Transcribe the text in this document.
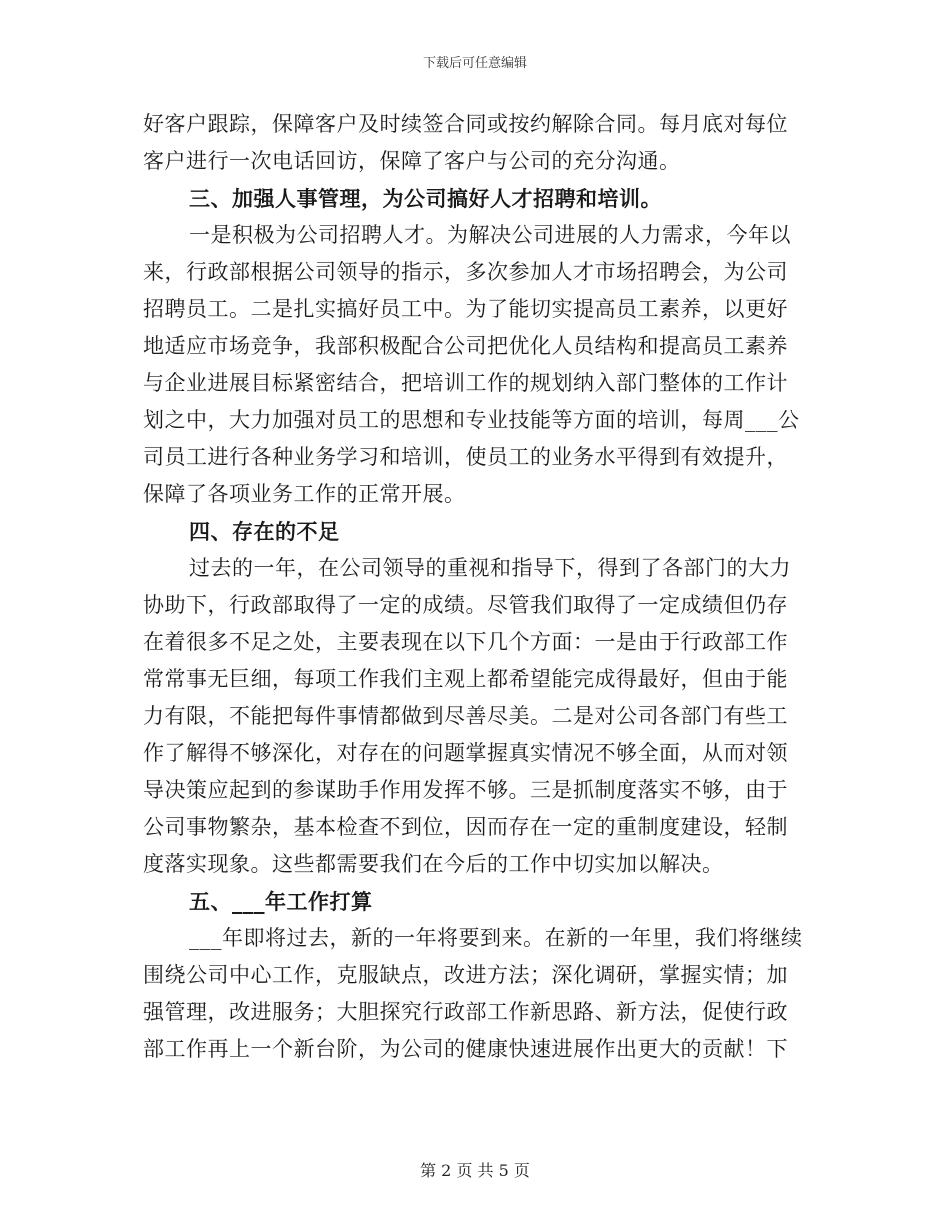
下载后可任意编辑
好客户跟踪，保障客户及时续签合同或按约解除合同。每月底对每位
客户进行一次电话回访，保障了客户与公司的充分沟通。
三、加强人事管理，为公司搞好人才招聘和培训。
一是积极为公司招聘人才。为解决公司进展的人力需求，今年以
来，行政部根据公司领导的指示，多次参加人才市场招聘会，为公司
招聘员工。二是扎实搞好员工中。为了能切实提高员工素养，以更好
地适应市场竞争，我部积极配合公司把优化人员结构和提高员工素养
与企业进展目标紧密结合，把培训工作的规划纳入部门整体的工作计
划之中，大力加强对员工的思想和专业技能等方面的培训，每周___公
司员工进行各种业务学习和培训，使员工的业务水平得到有效提升，
保障了各项业务工作的正常开展。
四、存在的不足
过去的一年，在公司领导的重视和指导下，得到了各部门的大力
协助下，行政部取得了一定的成绩。尽管我们取得了一定成绩但仍存
在着很多不足之处，主要表现在以下几个方面：一是由于行政部工作
常常事无巨细，每项工作我们主观上都希望能完成得最好，但由于能
力有限，不能把每件事情都做到尽善尽美。二是对公司各部门有些工
作了解得不够深化，对存在的问题掌握真实情况不够全面，从而对领
导决策应起到的参谋助手作用发挥不够。三是抓制度落实不够，由于
公司事物繁杂，基本检查不到位，因而存在一定的重制度建设，轻制
度落实现象。这些都需要我们在今后的工作中切实加以解决。
五、___年工作打算
___年即将过去，新的一年将要到来。在新的一年里，我们将继续
围绕公司中心工作，克服缺点，改进方法；深化调研，掌握实情；加
强管理，改进服务；大胆探究行政部工作新思路、新方法，促使行政
部工作再上一个新台阶，为公司的健康快速进展作出更大的贡献！下
第 2 页 共 5 页
